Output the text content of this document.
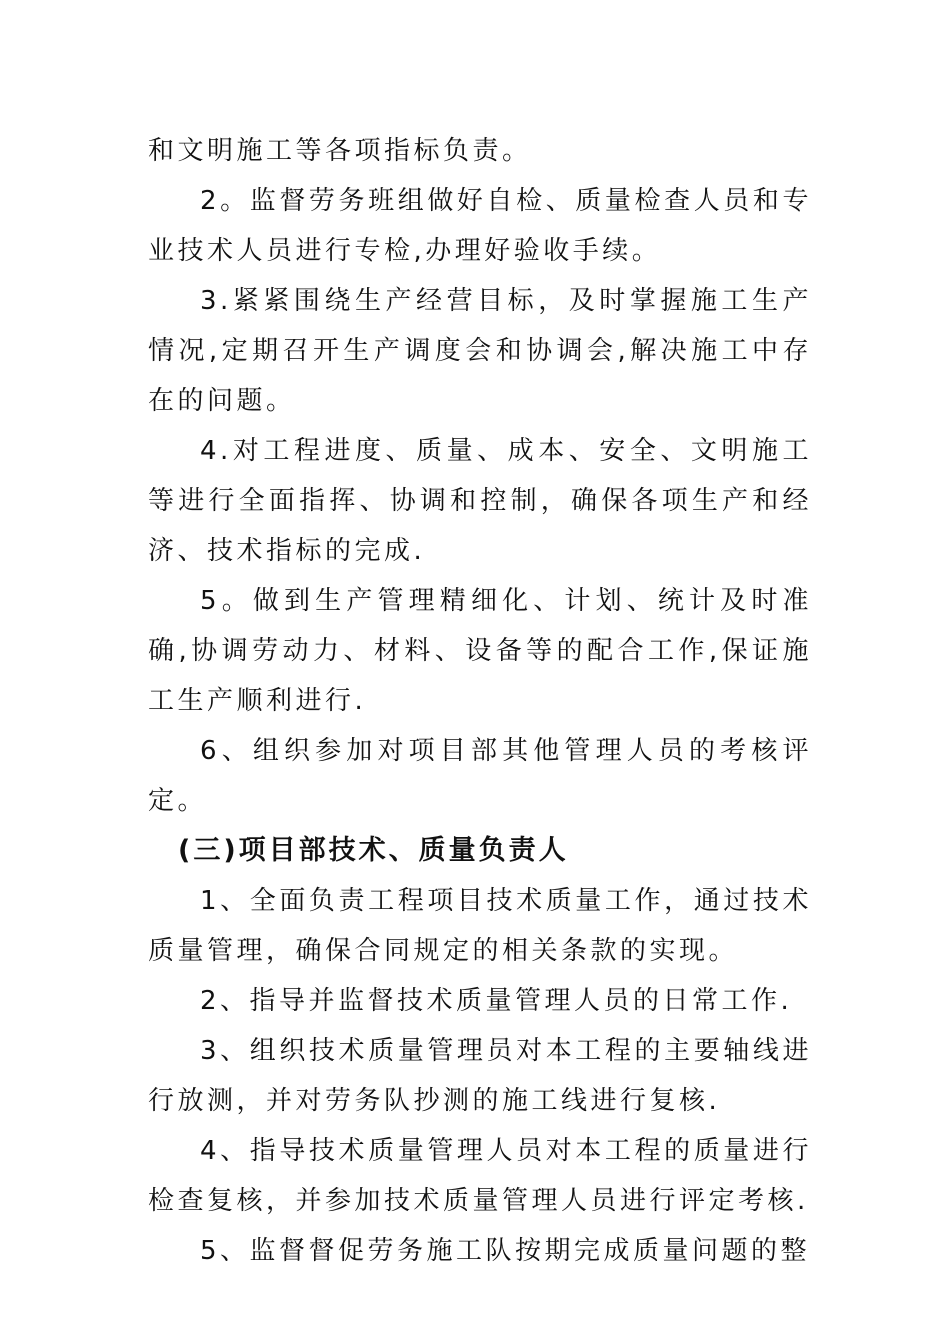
和文明施工等各项指标负责。

2。监督劳务班组做好自检、质量检查人员和专业技术人员进行专检,办理好验收手续。

3.紧紧围绕生产经营目标，及时掌握施工生产情况,定期召开生产调度会和协调会,解决施工中存在的问题。

4.对工程进度、质量、成本、安全、文明施工等进行全面指挥、协调和控制，确保各项生产和经济、技术指标的完成.

5。做到生产管理精细化、计划、统计及时准确,协调劳动力、材料、设备等的配合工作,保证施工生产顺利进行.

6、组织参加对项目部其他管理人员的考核评定。

(三)项目部技术、质量负责人

1、全面负责工程项目技术质量工作，通过技术质量管理，确保合同规定的相关条款的实现。

2、指导并监督技术质量管理人员的日常工作.

3、组织技术质量管理员对本工程的主要轴线进行放测，并对劳务队抄测的施工线进行复核.

4、指导技术质量管理人员对本工程的质量进行检查复核，并参加技术质量管理人员进行评定考核.

5、监督督促劳务施工队按期完成质量问题的整
